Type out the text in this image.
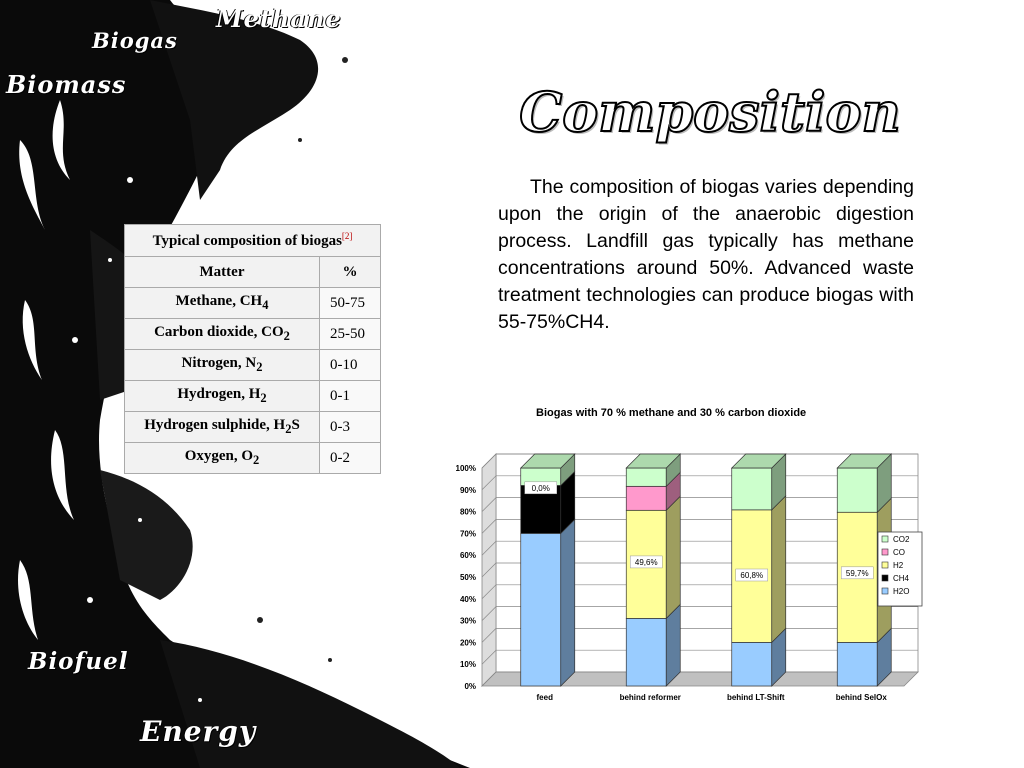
Methane
Biogas
Biomass
Biofuel
Energy
Composition
The composition of biogas varies depending upon the origin of the anaerobic digestion process. Landfill gas typically has methane concentrations around 50%. Advanced waste treatment technologies can produce biogas with 55-75%CH4.
Typical composition of biogas[2]
Matter	%
Methane, $CH_4$	50-75
Carbon dioxide, $CO_2$	25-50
Nitrogen, $N_2$	0-10
Hydrogen, $H_2$	0-1
Hydrogen sulphide, $H_2S$	0-3
Oxygen, $O_2$	0-2
Biogas with 70 % methane and 30 % carbon dioxide
0%
10%
20%
30%
40%
50%
60%
70%
80%
90%
100%
feed	behind reformer	behind LT-Shift	behind SelOx
0,0%
49,6%
60,8%	59,7%
CO2
CO
H2
CH4
H2O
